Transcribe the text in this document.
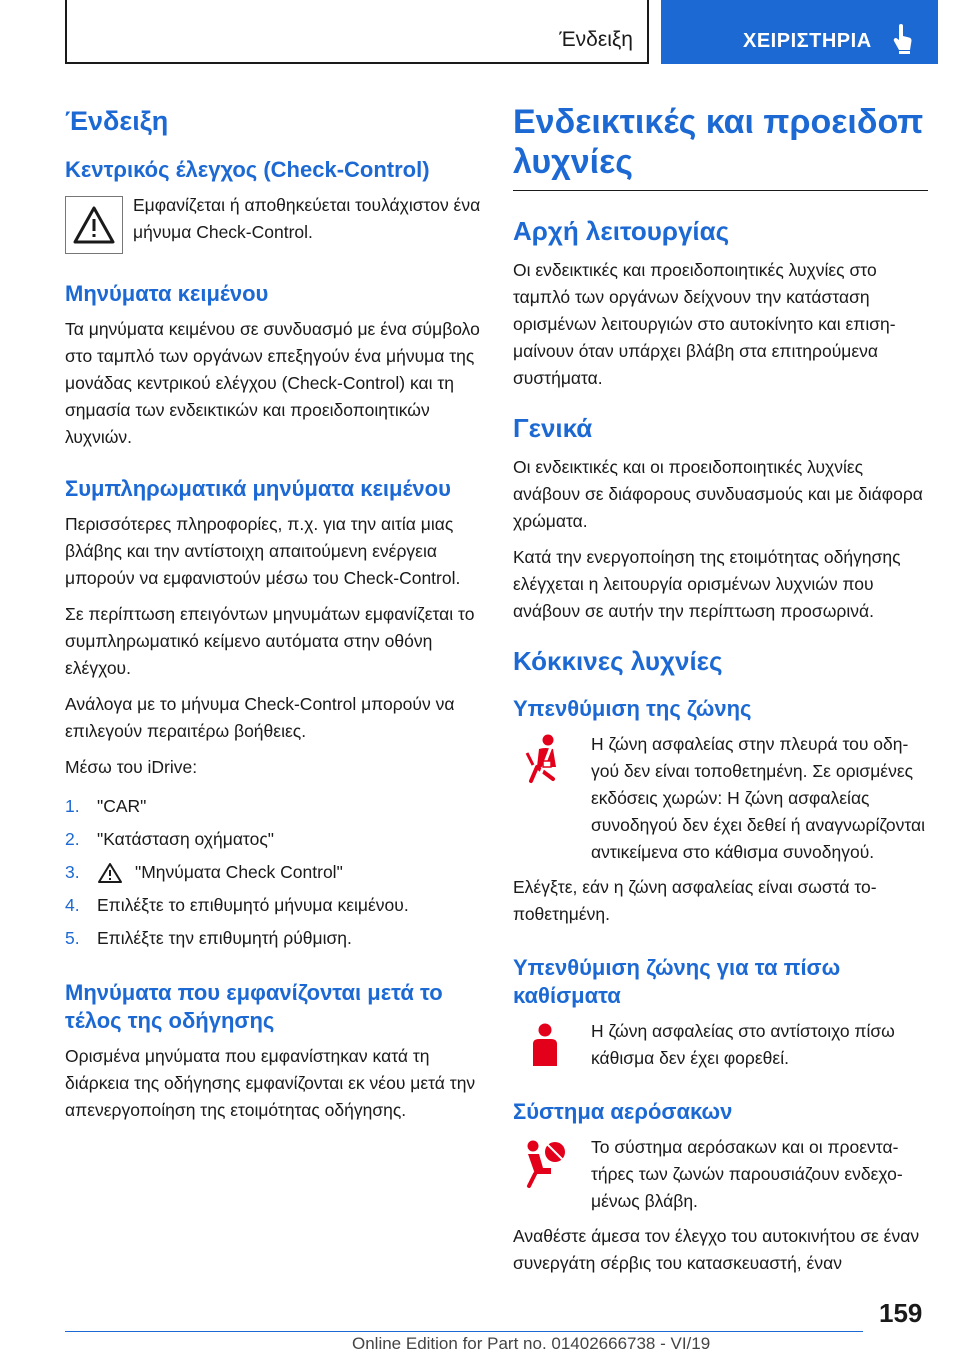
Ένδειξη	ΧΕΙΡΙΣΤΗΡΙΑ
Ένδειξη
Κεντρικός έλεγχος (Check-Control)

Εμφανίζεται ή αποθηκεύεται τουλάχιστον ένα μήνυμα Check-Control.

Μηνύματα κειμένου

Τα μηνύματα κειμένου σε συνδυασμό με ένα σύμβολο στο ταμπλό των οργάνων επεξηγούν ένα μήνυμα της μονάδας κεντρικού ελέγχου (Check-Control) και τη σημασία των ενδεικτικών και προειδοποιητικών λυχνιών.

Συμπληρωματικά μηνύματα κειμένου

Περισσότερες πληροφορίες, π.χ. για την αιτία μιας βλάβης και την αντίστοιχη απαιτούμενη ενέργεια μπορούν να εμφανιστούν μέσω του Check-Control.

Σε περίπτωση επειγόντων μηνυμάτων εμφανίζεται το συμπληρωματικό κείμενο αυτόματα στην οθόνη ελέγχου.

Ανάλογα με το μήνυμα Check-Control μπορούν να επιλεγούν περαιτέρω βοήθειες.

Μέσω του iDrive:

1. "CAR"
2. "Κατάσταση οχήματος"
3.	"Μηνύματα Check Control"
4. Επιλέξτε το επιθυμητό μήνυμα κειμένου.
5. Επιλέξτε την επιθυμητή ρύθμιση.
Μηνύματα που εμφανίζονται μετά το τέλος της οδήγησης

Ορισμένα μηνύματα που εμφανίστηκαν κατά τη διάρκεια της οδήγησης εμφανίζονται εκ νέου μετά την απενεργοποίηση της ετοιμότητας οδήγησης.

Ενδεικτικές και προειδοπ
λυχνίες
Αρχή λειτουργίας

Οι ενδεικτικές και προειδοποιητικές λυχνίες στο ταμπλό των οργάνων δείχνουν την κατάσταση ορισμένων λειτουργιών στο αυτοκίνητο και επισημαίνουν όταν υπάρχει βλάβη στα επιτηρούμενα συστήματα.

Γενικά

Οι ενδεικτικές και οι προειδοποιητικές λυχνίες ανάβουν σε διάφορους συνδυασμούς και με διάφορα χρώματα.

Κατά την ενεργοποίηση της ετοιμότητας οδήγησης ελέγχεται η λειτουργία ορισμένων λυχνιών που ανάβουν σε αυτήν την περίπτωση προσωρινά.

Κόκκινες λυχνίες
Υπενθύμιση της ζώνης

Η ζώνη ασφαλείας στην πλευρά του οδηγού δεν είναι τοποθετημένη. Σε ορισμένες εκδόσεις χωρών: Η ζώνη ασφαλείας συνοδηγού δεν έχει δεθεί ή αναγνωρίζονται αντικείμενα στο κάθισμα συνοδηγού.

Ελέγξτε, εάν η ζώνη ασφαλείας είναι σωστά τοποθετημένη.

Υπενθύμιση ζώνης για τα πίσω καθίσματα

Η ζώνη ασφαλείας στο αντίστοιχο πίσω κάθισμα δεν έχει φορεθεί.

Σύστημα αερόσακων

Το σύστημα αερόσακων και οι προεντατήρες των ζωνών παρουσιάζουν ενδεχομένως βλάβη.

Αναθέστε άμεσα τον έλεγχο του αυτοκινήτου σε έναν συνεργάτη σέρβις του κατασκευαστή, έναν

159
Online Edition for Part no. 01402666738 - VI/19
